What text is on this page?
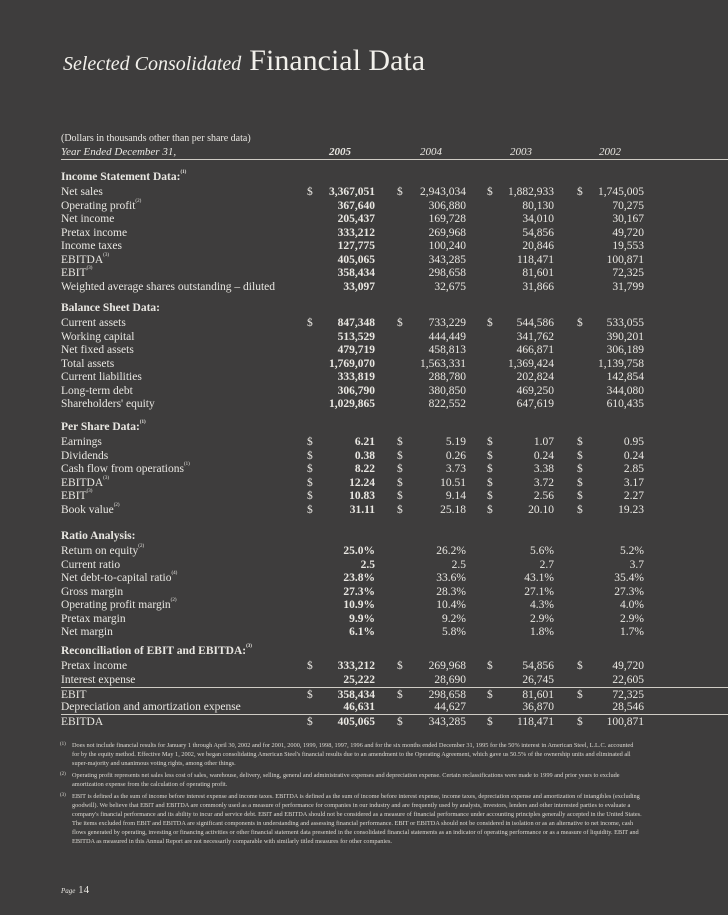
Selected Consolidated Financial Data
(Dollars in thousands other than per share data)
Year Ended December 31,	2005	2004	2003	2002
Income Statement Data:$^{(1)}$
Net sales	$ 3,367,051 $ 2,943,034 $ 1,882,933 $ 1,745,005
Operating profit$^{(2)}$	367,640	306,880	80,130	70,275
Net income	205,437	169,728	34,010	30,167
Pretax income	333,212	269,968	54,856	49,720
Income taxes	127,775	100,240	20,846	19,553
EBITDA$^{(3)}$	405,065	343,285	118,471	100,871
EBIT$^{(3)}$	358,434	298,658	81,601	72,325
Weighted average shares outstanding – diluted	33,097	32,675	31,866	31,799
Balance Sheet Data:
Current assets	$ 847,348 $ 733,229 $ 544,586 $ 533,055
Working capital	513,529	444,449	341,762	390,201
Net fixed assets	479,719	458,813	466,871	306,189
Total assets	1,769,070	1,563,331	1,369,424	1,139,758
Current liabilities	333,819	288,780	202,824	142,854
Long-term debt	306,790	380,850	469,250	344,080
Shareholders' equity	1,029,865	822,552	647,619	610,435
Per Share Data:$^{(1)}$
Earnings	$	6.21 $	5.19 $	1.07 $	0.95
Dividends	$	0.38 $	0.26 $	0.24 $	0.24
Cash flow from operations$^{(1)}$	$	8.22 $	3.73 $	3.38 $	2.85
EBITDA$^{(3)}$	$	12.24 $	10.51 $	3.72 $	3.17
EBIT$^{(3)}$	$	10.83 $	9.14 $	2.56 $	2.27
Book value$^{(2)}$	$	31.11 $	25.18 $	20.10 $	19.23
Ratio Analysis:
Return on equity$^{(2)}$	25.0%	26.2%	5.6%	5.2%
Current ratio	2.5	2.5	2.7	3.7
Net debt-to-capital ratio$^{(4)}$	23.8%	33.6%	43.1%	35.4%
Gross margin	27.3%	28.3%	27.1%	27.3%
Operating profit margin$^{(2)}$	10.9%	10.4%	4.3%	4.0%
Pretax margin	9.9%	9.2%	2.9%	2.9%
Net margin	6.1%	5.8%	1.8%	1.7%
Reconciliation of EBIT and EBITDA:$^{(3)}$
Pretax income	$ 333,212 $ 269,968 $	54,856 $	49,720
Interest expense	25,222	28,690	26,745	22,605
EBIT	$ 358,434 $ 298,658 $	81,601 $	72,325
Depreciation and amortization expense	46,631	44,627	36,870	28,546
EBITDA	$ 405,065 $ 343,285 $ 118,471 $ 100,871
(1) Does not include financial results for January 1 through April 30, 2002 and for 2001, 2000, 1999, 1998, 1997, 1996 and for the six months ended December 31, 1995 for the 50% interest in American Steel, L.L.C. accounted for by the equity method. Effective May 1, 2002, we began consolidating American Steel's financial results due to an amendment to the Operating Agreement, which gave us 50.5% of the ownership units and eliminated all super-majority and unanimous voting rights, among other things.
(2) Operating profit represents net sales less cost of sales, warehouse, delivery, selling, general and administrative expenses and depreciation expense. Certain reclassifications were made to 1999 and prior years to exclude amortization expense from the calculation of operating profit.
(3) EBIT is defined as the sum of income before interest expense and income taxes. EBITDA is defined as the sum of income before interest expense, income taxes, depreciation expense and amortization of intangibles (excluding goodwill). We believe that EBIT and EBITDA are commonly used as a measure of performance for companies in our industry and are frequently used by analysts, investors, lenders and other interested parties to evaluate a company's financial performance and its ability to incur and service debt. EBIT and EBITDA should not be considered as a measure of financial performance under accounting principles generally accepted in the United States. The items excluded from EBIT and EBITDA are significant components in understanding and assessing financial performance. EBIT or EBITDA should not be considered in isolation or as an alternative to net income, cash flows generated by operating, investing or financing activities or other financial statement data presented in the consolidated financial statements as an indicator of operating performance or as a measure of liquidity. EBIT and EBITDA as measured in this Annual Report are not necessarily comparable with similarly titled measures for other companies.
Page 14
